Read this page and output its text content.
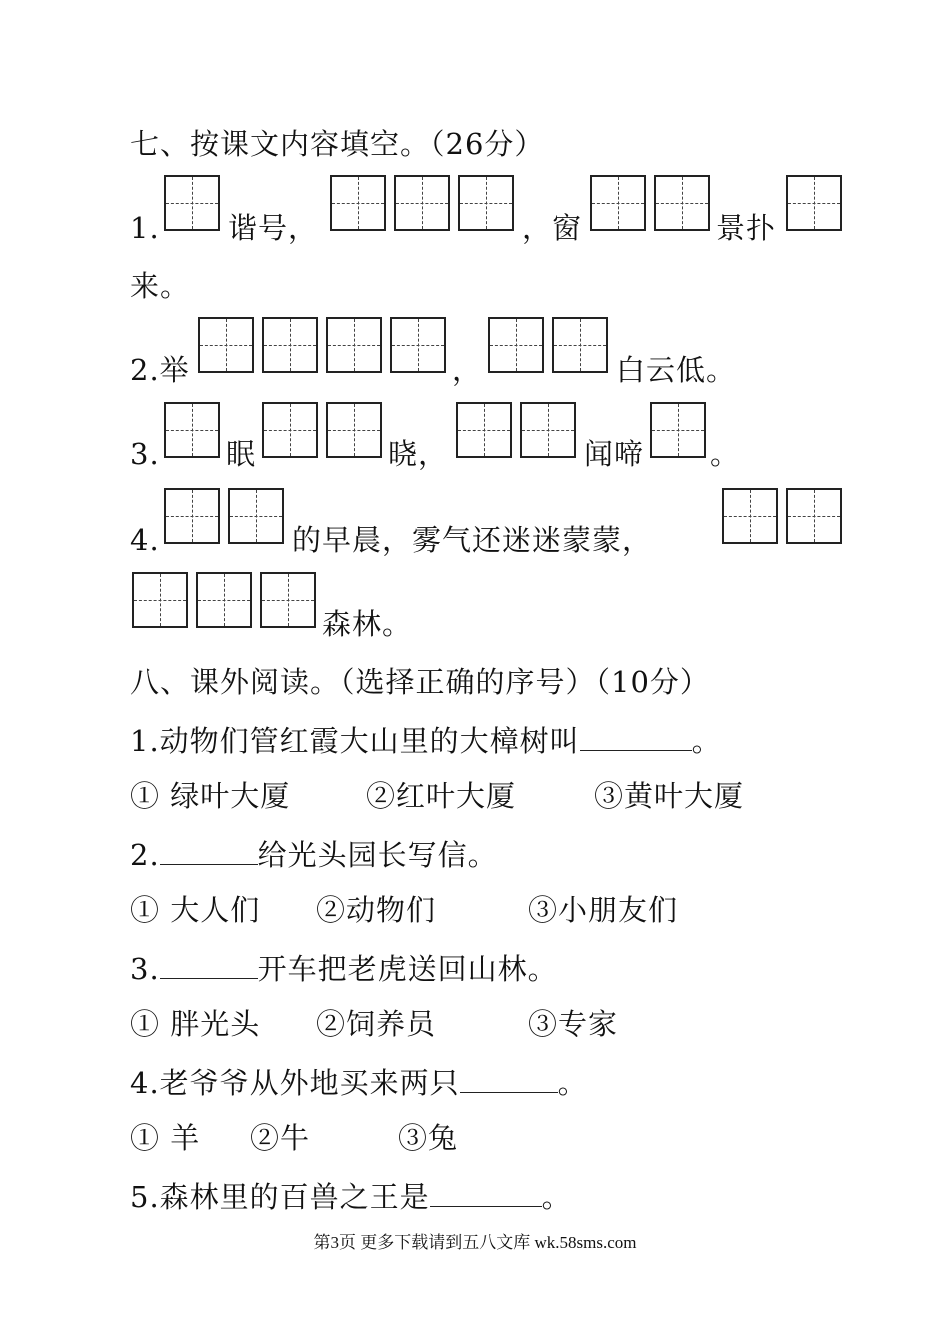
七、按课文内容填空。（26分）
1. 谐号，	，窗	景扑
来。
2.举	，	白云低。
3. 眠	晓，	闻啼 。
4.	的早晨，雾气还迷迷蒙蒙，
森林。
八、课外阅读。（选择正确的序号）（10分）
1.动物们管红霞大山里的大樟树叫	。
① 绿叶大厦	②红叶大厦	③黄叶大厦
2.	给光头园长写信。
① 大人们 ②动物们	③小朋友们
3.	开车把老虎送回山林。
① 胖光头 ②饲养员	③专家
4.老爷爷从外地买来两只	。
① 羊 ②牛	③兔
5.森林里的百兽之王是	。
第3页 更多下载请到五八文库 wk.58sms.com
